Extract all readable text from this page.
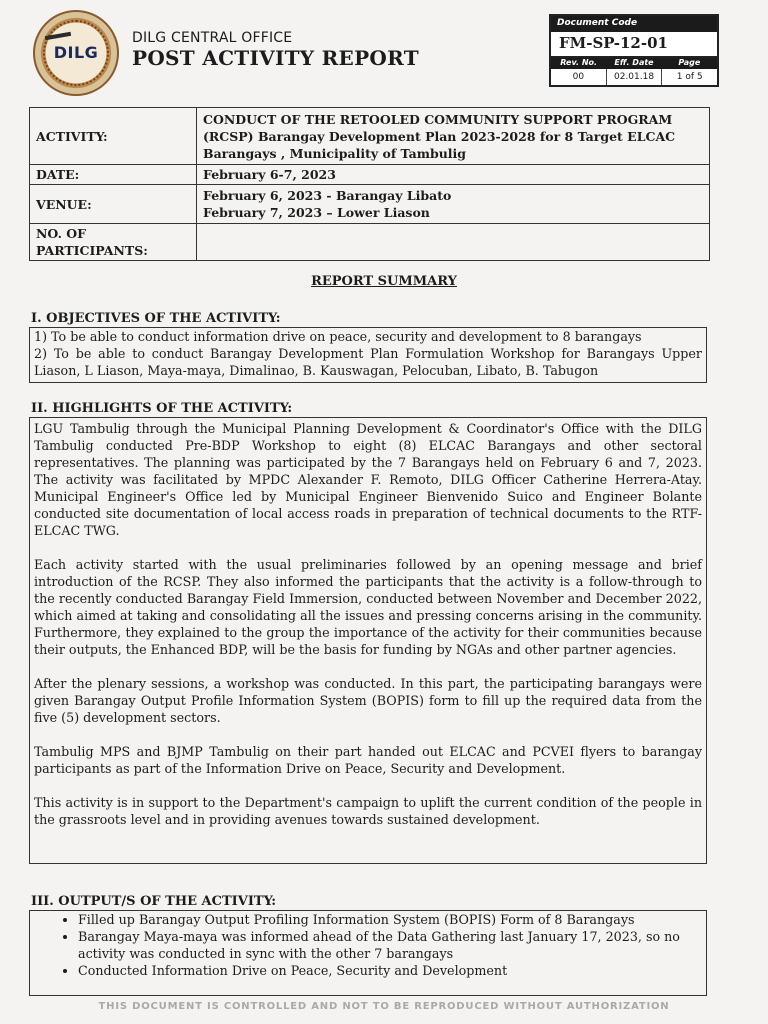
DILG
DILG CENTRAL OFFICE
POST ACTIVITY REPORT
Document Code
FM-SP-12-01
Rev. No.	Eff. Date	Page
00	02.01.18	1 of 5
ACTIVITY:	CONDUCT OF THE RETOOLED COMMUNITY SUPPORT PROGRAM (RCSP) Barangay Development Plan 2023-2028 for 8 Target ELCAC Barangays , Municipality of Tambulig
DATE:	February 6-7, 2023
VENUE:	February 6, 2023 - Barangay Libato
February 7, 2023 – Lower Liason

NO. OF PARTICIPANTS:	
REPORT SUMMARY
I. OBJECTIVES OF THE ACTIVITY:

1) To be able to conduct information drive on peace, security and development to 8 barangays

2) To be able to conduct Barangay Development Plan Formulation Workshop for Barangays Upper Liason, L Liason, Maya-maya, Dimalinao, B. Kauswagan, Pelocuban, Libato, B. Tabugon

II. HIGHLIGHTS OF THE ACTIVITY:

LGU Tambulig through the Municipal Planning Development & Coordinator's Office with the DILG Tambulig conducted Pre-BDP Workshop to eight (8) ELCAC Barangays and other sectoral representatives. The planning was participated by the 7 Barangays held on February 6 and 7, 2023. The activity was facilitated by MPDC Alexander F. Remoto, DILG Officer Catherine Herrera-Atay. Municipal Engineer's Office led by Municipal Engineer Bienvenido Suico and Engineer Bolante conducted site documentation of local access roads in preparation of technical documents to the RTF-ELCAC TWG.

Each activity started with the usual preliminaries followed by an opening message and brief introduction of the RCSP. They also informed the participants that the activity is a follow-through to the recently conducted Barangay Field Immersion, conducted between November and December 2022, which aimed at taking and consolidating all the issues and pressing concerns arising in the community. Furthermore, they explained to the group the importance of the activity for their communities because their outputs, the Enhanced BDP, will be the basis for funding by NGAs and other partner agencies.

After the plenary sessions, a workshop was conducted. In this part, the participating barangays were given Barangay Output Profile Information System (BOPIS) form to fill up the required data from the five (5) development sectors.

Tambulig MPS and BJMP Tambulig on their part handed out ELCAC and PCVEI flyers to barangay participants as part of the Information Drive on Peace, Security and Development.

This activity is in support to the Department's campaign to uplift the current condition of the people in the grassroots level and in providing avenues towards sustained development.

III. OUTPUT/S OF THE ACTIVITY:
• Filled up Barangay Output Profiling Information System (BOPIS) Form of 8 Barangays
• Barangay Maya-maya was informed ahead of the Data Gathering last January 17, 2023, so no activity was conducted in sync with the other 7 barangays
• Conducted Information Drive on Peace, Security and Development
THIS DOCUMENT IS CONTROLLED AND NOT TO BE REPRODUCED WITHOUT AUTHORIZATION
